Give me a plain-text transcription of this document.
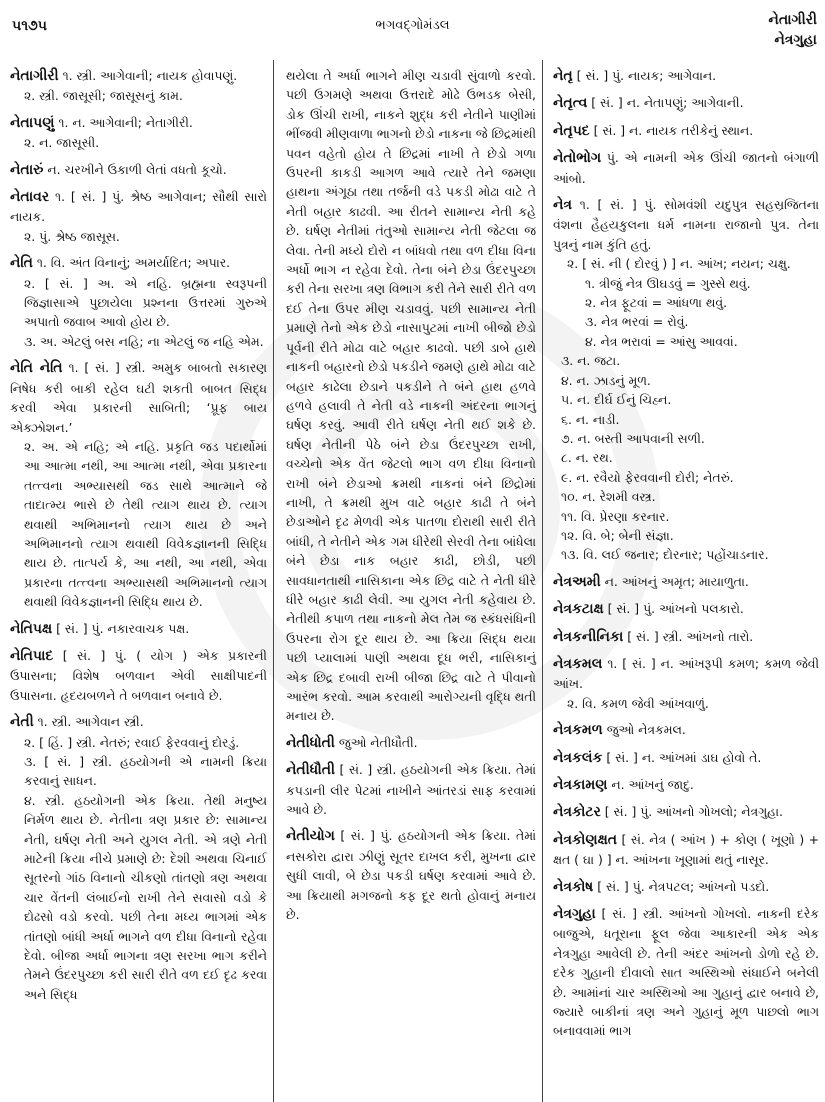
૫૧૭૫	ભગવદ્ગોમંડલ	નેતાગીરી
નેત્રગુહા
નેતાગીરી ૧. સ્ત્રી. આગેવાની; નાયક હોવાપણું.
૨. સ્ત્રી. જાસૂસી; જાસૂસનું કામ.
નેતાપણું ૧. ન. આગેવાની; નેતાગીરી.
૨. ન. જાસૂસી.
નેતારું ન. ચરખીને ઉકાળી લેતાં વધતો કૂચો.
નેતાવર ૧. [ સં. ] પું. શ્રેષ્ઠ આગેવાન; સૌથી સારો નાયક.
૨. પું. શ્રેષ્ઠ જાસૂસ.
નેતિ ૧. વિ. અંત વિનાનું; અમર્યાદિત; અપાર.
૨. [ સં. ] અ. એ નહિ. બ્રહ્મના સ્વરૂપની જિજ્ઞાસાએ પુછાયેલા પ્રશ્નના ઉત્તરમાં ગુરુએ અપાતો જવાબ આવો હોય છે.
૩. અ. એટલું બસ નહિ; ના એટલું જ નહિ એમ.
નેતિ નેતિ ૧. [ સં. ] સ્ત્રી. અમુક બાબતો સકારણ નિષેધ કરી બાકી રહેલ ઘટી શકતી બાબત સિદ્ધ કરવી એવા પ્રકારની સાબિતી; ‘પ્રૂફ બાય એક્ઝોશન.’
૨. અ. એ નહિ; એ નહિ. પ્રકૃતિ જડ પદાર્થોમાં આ આત્મા નથી, આ આત્મા નથી, એવા પ્રકારના તત્ત્વના અભ્યાસથી જડ સાથે આત્માને જે તાદાત્મ્ય ભાસે છે તેથી ત્યાગ થાય છે. ત્યાગ થવાથી અભિમાનનો ત્યાગ થાય છે અને અભિમાનનો ત્યાગ થવાથી વિવેકજ્ઞાનની સિદ્ધિ થાય છે. તાત્પર્ય કે, આ નથી, આ નથી, એવા પ્રકારના તત્ત્વના અભ્યાસથી અભિમાનનો ત્યાગ થવાથી વિવેકજ્ઞાનની સિદ્ધિ થાય છે.
નેતિપક્ષ [ સં. ] પું. નકારવાચક પક્ષ.
નેતિપાદ [ સં. ] પું. ( યોગ ) એક પ્રકારની ઉપાસના; વિશેષ બળવાન એવી સાક્ષીપાદની ઉપાસના. હૃદયબળને તે બળવાન બનાવે છે.
નેતી ૧. સ્ત્રી. આગેવાન સ્ત્રી.
૨. [ હિં. ] સ્ત્રી. નેતરું; રવાઈ ફેરવવાનું દોરડું.
૩. [ સં. ] સ્ત્રી. હઠયોગની એ નામની ક્રિયા કરવાનું સાધન.
૪. સ્ત્રી. હઠયોગની એક ક્રિયા. તેથી મનુષ્ય નિર્મળ થાય છે. નેતીના ત્રણ પ્રકાર છે: સામાન્ય નેતી, ઘર્ષણ નેતી અને યુગલ નેતી. એ ત્રણે નેતી માટેની ક્રિયા નીચે પ્રમાણે છે: દેશી અથવા ચિનાઈ સૂતરનો ગાંઠ વિનાનો ચીકણો તાંતણો ત્રણ અથવા ચાર વેંતની લંબાઈનો રાખી તેને સવાસો વડો કે દોઢસો વડો કરવો. પછી તેના મધ્ય ભાગમાં એક તાંતણો બાંધી અર્ધા ભાગને વળ દીધા વિનાનો રહેવા દેવો. બીજા અર્ધા ભાગના ત્રણ સરખા ભાગ કરીને તેમને ઉંદરપુચ્છા કરી સારી રીતે વળ દઈ દૃઢ કરવા અને સિદ્ધ
થયેલા તે અર્ધા ભાગને મીણ ચડાવી સુંવાળો કરવો. પછી ઉગમણે અથવા ઉત્તરાદે મોઢે ઉભડક બેસી, ડોક ઊંચી રાખી, નાકને શુદ્ધ કરી નેતીને પાણીમાં ભીંજવી મીણવાળા ભાગનો છેડો નાકના જે છિદ્રમાંથી પવન વહેતો હોય તે છિદ્રમાં નાખી તે છેડો ગળા ઉપરની કાકડી આગળ આવે ત્યારે તેને જમણા હાથના અંગૂઠા તથા તર્જની વડે પકડી મોઢા વાટે તે નેતી બહાર કાઢવી. આ રીતને સામાન્ય નેતી કહે છે. ઘર્ષણ નેતીમાં તંતુઓ સામાન્ય નેતી જેટલા જ લેવા. તેની મધ્યે દોરો ન બાંધવો તથા વળ દીધા વિના અર્ધો ભાગ ન રહેવા દેવો. તેના બંને છેડા ઉંદરપુચ્છા કરી તેના સરખા ત્રણ વિભાગ કરી તેને સારી રીતે વળ દઈ તેના ઉપર મીણ ચડાવવું. પછી સામાન્ય નેતી પ્રમાણે તેનો એક છેડો નાસાપુટમાં નાખી બીજો છેડો પૂર્વની રીતે મોઢા વાટે બહાર કાઢવો. પછી ડાબે હાથે નાકની બહારનો છેડો પકડીને જમણે હાથે મોઢા વાટે બહાર કાઢેલા છેડાને પકડીને તે બંને હાથ હળવે હળવે હલાવી તે નેતી વડે નાકની અંદરના ભાગનું ઘર્ષણ કરવું. આવી રીતે ઘર્ષણ નેતી થઈ શકે છે. ઘર્ષણ નેતીની પેઠે બંને છેડા ઉંદરપુચ્છા રાખી, વચ્ચેનો એક વેંત જેટલો ભાગ વળ દીધા વિનાનો રાખી બંને છેડાઓ ક્રમથી નાકનાં બંને છિદ્રોમાં નાખી, તે ક્રમથી મુખ વાટે બહાર કાઢી તે બંને છેડાઓને દૃઢ મેળવી એક પાતળા દોરાથી સારી રીતે બાંધી, તે નેતીને એક ગમ ધીરેથી સેરવી તેના બાંધેલા બંને છેડા નાક બહાર કાઢી, છોડી, પછી સાવધાનતાથી નાસિકાના એક છિદ્ર વાટે તે નેતી ધીરે ધીરે બહાર કાઢી લેવી. આ યુગલ નેતી કહેવાય છે. નેતીથી કપાળ તથા નાકનો મેલ તેમ જ સ્કંધસંધિની ઉપરના રોગ દૂર થાય છે. આ ક્રિયા સિદ્ધ થયા પછી પ્યાલામાં પાણી અથવા દૂધ ભરી, નાસિકાનું એક છિદ્ર દબાવી રાખી બીજા છિદ્ર વાટે તે પીવાનો આરંભ કરવો. આમ કરવાથી આરોગ્યની વૃદ્ધિ થતી મનાય છે.
નેતીધોતી જુઓ નેતીધૌતી.
નેતીધૌતી [ સં. ] સ્ત્રી. હઠયોગની એક ક્રિયા. તેમાં કપડાની લીર પેટમાં નાખીને આંતરડાં સાફ કરવામાં આવે છે.
નેતીયોગ [ સં. ] પું. હઠયોગની એક ક્રિયા. તેમાં નસકોરા દ્વારા ઝીણું સૂતર દાખલ કરી, મુખના દ્વાર સુધી લાવી, બે છેડા પકડી ઘર્ષણ કરવામાં આવે છે. આ ક્રિયાથી મગજનો કફ દૂર થતો હોવાનું મનાય છે.
નેતૃ [ સં. ] પું. નાયક; આગેવાન.
નેતૃત્વ [ સં. ] ન. નેતાપણું; આગેવાની.
નેતૃપદ [ સં. ] ન. નાયક તરીકેનું સ્થાન.
નેતોભોગ પું. એ નામની એક ઊંચી જાતનો બંગાળી આંબો.
નેત્ર ૧. [ સં. ] પું. સોમવંશી યદુપુત્ર સહસ્રજિતના વંશના હૈહયકુલના ધર્મ નામના રાજાનો પુત્ર. તેના પુત્રનું નામ કુંતિ હતું.
૨. [ સં. ની ( દોરવું ) ] ન. આંખ; નયન; ચક્ષુ.
૧. ત્રીજું નેત્ર ઊઘડવું = ગુસ્સે થવું.
૨. નેત્ર ફૂટવાં = આંધળા થવું.
૩. નેત્ર ભરવાં = રોવું.
૪. નેત્ર ભરાવાં = આંસુ આવવાં.
૩. ન. જટા.
૪. ન. ઝાડનું મૂળ.
૫. ન. દીર્ઘ ઈનું ચિહ્ન.
૬. ન. નાડી.
૭. ન. બસ્તી આપવાની સળી.
૮. ન. રથ.
૯. ન. રવૈયો ફેરવવાની દોરી; નેતરું.
૧૦. ન. રેશમી વસ્ત્ર.
૧૧. વિ. પ્રેરણા કરનાર.
૧૨. વિ. બે; બેની સંજ્ઞા.
૧૩. વિ. લઈ જનાર; દોરનાર; પહોંચાડનાર.
નેત્રઅમી ન. આંખનું અમૃત; માયાળુતા.
નેત્રકટાક્ષ [ સં. ] પું. આંખનો પલકારો.
નેત્રકનીનિકા [ સં. ] સ્ત્રી. આંખનો તારો.
નેત્રકમલ ૧. [ સં. ] ન. આંખરૂપી કમળ; કમળ જેવી આંખ.
૨. વિ. કમળ જેવી આંખવાળું.
નેત્રકમળ જુઓ નેત્રકમલ.
નેત્રકલંક [ સં. ] ન. આંખમાં ડાઘ હોવો તે.
નેત્રકામણ ન. આંખનું જાદુ.
નેત્રકોટર [ સં. ] પું. આંખનો ગોખલો; નેત્રગુહા.
નેત્રકોણક્ષત [ સં. નેત્ર ( આંખ ) + કોણ ( ખૂણો ) + ક્ષત ( ઘા ) ] ન. આંખના ખૂણામાં થતું નાસૂર.
નેત્રકોષ [ સં. ] પું. નેત્રપટલ; આંખનો પડદો.
નેત્રગુહા [ સં. ] સ્ત્રી. આંખનો ગોખલો. નાકની દરેક બાજુએ, ધતૂરાના ફૂલ જેવા આકારની એક એક નેત્રગુહા આવેલી છે. તેની અંદર આંખનો ડોળો રહે છે. દરેક ગુહાની દીવાલો સાત અસ્થિઓ સંધાઈને બનેલી છે. આમાંનાં ચાર અસ્થિઓ આ ગુહાનું દ્વાર બનાવે છે, જ્યારે બાકીનાં ત્રણ અને ગુહાનું મૂળ પાછલો ભાગ બનાવવામાં ભાગ
